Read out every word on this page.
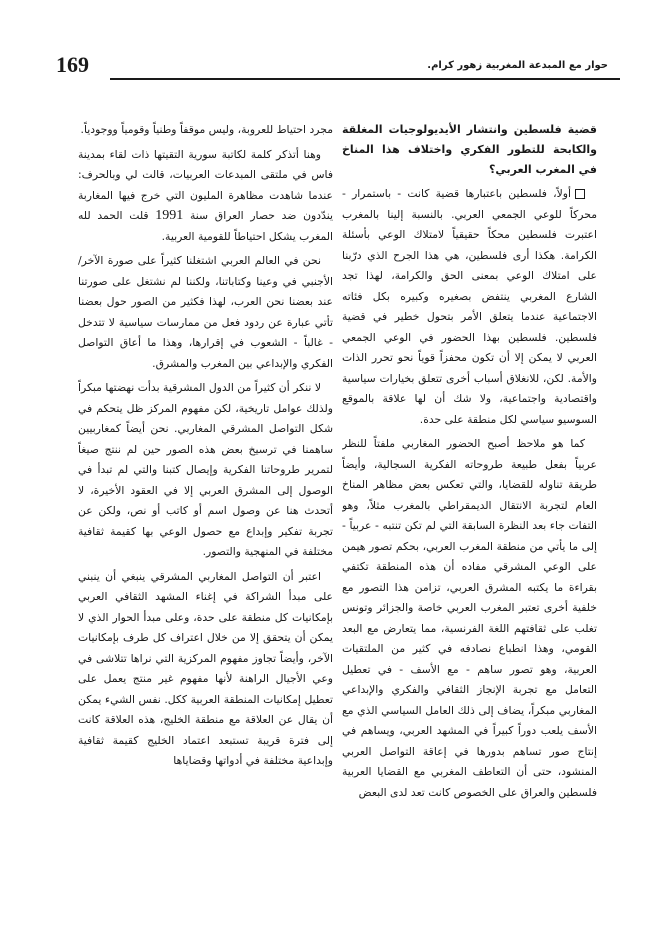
169	حوار مع المبدعة المغربية زهور كرام.
قضية فلسطين وانتشار الأيديولوجيات المغلقة والكابحة للتطور الفكري واختلاف هذا المناخ في المغرب العربي؟

أولاً، فلسطين باعتبارها قضية كانت - باستمرار - محركاً للوعي الجمعي العربي. بالنسبة إلينا بالمغرب اعتبرت فلسطين محكاً حقيقياً لامتلاك الوعي بأسئلة الكرامة. هكذا أرى فلسطين، هي هذا الجرح الذي درّبنا على امتلاك الوعي بمعنى الحق والكرامة، لهذا تجد الشارع المغربي ينتفض بصغيره وكبيره بكل فئاته الاجتماعية عندما يتعلق الأمر بتحول خطير في قضية فلسطين. فلسطين بهذا الحضور في الوعي الجمعي العربي لا يمكن إلا أن تكون محفزاً قوياً نحو تحرر الذات والأمة. لكن، للانغلاق أسباب أخرى تتعلق بخيارات سياسية واقتصادية واجتماعية، ولا شك أن لها علاقة بالموقع السوسيو سياسي لكل منطقة على حدة.

كما هو ملاحظ أصبح الحضور المغاربي ملفتاً للنظر عربياً بفعل طبيعة طروحاته الفكرية السجالية، وأيضاً طريقة تناوله للقضايا، والتي تعكس بعض مظاهر المناخ العام لتجربة الانتقال الديمقراطي بالمغرب مثلاً، وهو التفات جاء بعد النظرة السابقة التي لم تكن تنتبه - عربياً - إلى ما يأتي من منطقة المغرب العربي، بحكم تصور هيمن على الوعي المشرقي مفاده أن هذه المنطقة تكتفي بقراءة ما يكتبه المشرق العربي، تزامن هذا التصور مع خلفية أخرى تعتبر المغرب العربي خاصة والجزائر وتونس تغلب على ثقافتهم اللغة الفرنسية، مما يتعارض مع البعد القومي، وهذا انطباع نصادفه في كثير من الملتقيات العربية، وهو تصور ساهم - مع الأسف - في تعطيل التعامل مع تجربة الإنجاز الثقافي والفكري والإبداعي المغاربي مبكراً، يضاف إلى ذلك العامل السياسي الذي مع الأسف يلعب دوراً كبيراً في المشهد العربي، ويساهم في إنتاج صور تساهم بدورها في إعاقة التواصل العربي المنشود، حتى أن التعاطف المغربي مع القضايا العربية فلسطين والعراق على الخصوص كانت تعد لدى البعض

مجرد احتياط للعروبة، وليس موقفاً وطنياً وقومياً ووجودياً.

وهنا أتذكر كلمة لكاتبة سورية التقيتها ذات لقاء بمدينة فاس في ملتقى المبدعات العربيات، قالت لي وبالحرف: عندما شاهدت مظاهرة المليون التي خرج فيها المغاربة يندّدون ضد حصار العراق سنة 1991 قلت الحمد لله المغرب يشكل احتياطاً للقومية العربية.

نحن في العالم العربي اشتغلنا كثيراً على صورة الآخر/ الأجنبي في وعينا وكتاباتنا، ولكننا لم نشتغل على صورتنا عند بعضنا نحن العرب، لهذا فكثير من الصور حول بعضنا تأتي عبارة عن ردود فعل من ممارسات سياسية لا تتدخل - غالباً - الشعوب في إقرارها، وهذا ما أعاق التواصل الفكري والإبداعي بين المغرب والمشرق.

لا ننكر أن كثيراً من الدول المشرقية بدأت نهضتها مبكراً ولذلك عوامل تاريخية، لكن مفهوم المركز ظل يتحكم في شكل التواصل المشرقي المغاربي. نحن أيضاً كمغاربيين ساهمنا في ترسيخ بعض هذه الصور حين لم ننتج صيغاً لتمرير طروحاتنا الفكرية وإيصال كتبنا والتي لم تبدأ في الوصول إلى المشرق العربي إلا في العقود الأخيرة، لا أتحدث هنا عن وصول اسم أو كاتب أو نص، ولكن عن تجربة تفكير وإبداع مع حصول الوعي بها كقيمة ثقافية مختلفة في المنهجية والتصور.

اعتبر أن التواصل المغاربي المشرقي ينبغي أن ينبني على مبدأ الشراكة في إغناء المشهد الثقافي العربي بإمكانيات كل منطقة على حدة، وعلى مبدأ الحوار الذي لا يمكن أن يتحقق إلا من خلال اعتراف كل طرف بإمكانيات الآخر، وأيضاً تجاوز مفهوم المركزية التي نراها تتلاشى في وعي الأجيال الراهنة لأنها مفهوم غير منتج يعمل على تعطيل إمكانيات المنطقة العربية ككل. نفس الشيء يمكن أن يقال عن العلاقة مع منطقة الخليج، هذه العلاقة كانت إلى فترة قريبة تستبعد اعتماد الخليج كقيمة ثقافية وإبداعية مختلفة في أدواتها وقضاياها
